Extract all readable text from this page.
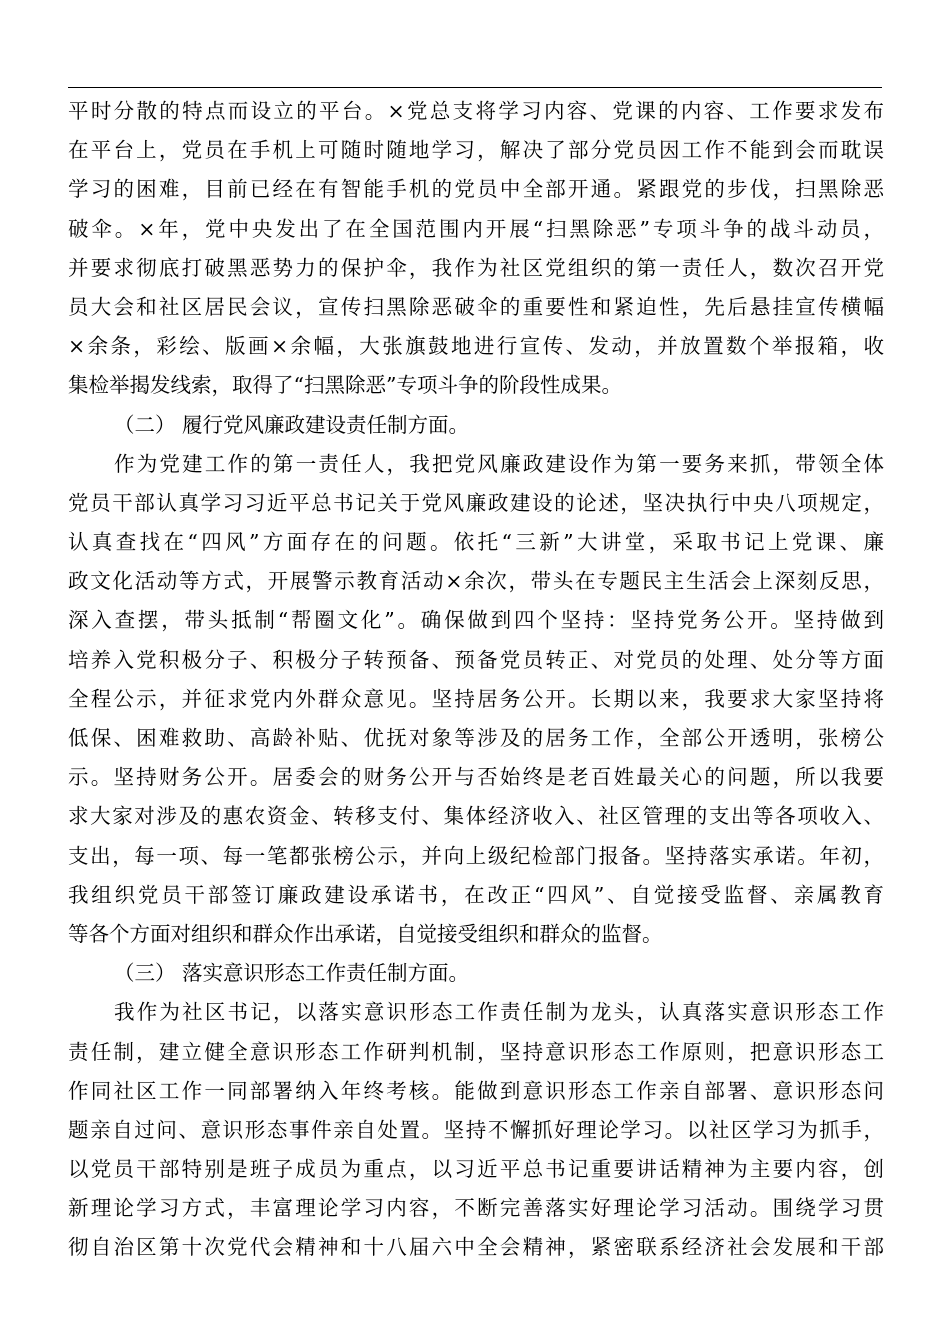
平时分散的特点而设立的平台。×党总支将学习内容、党课的内容、工作要求发布
在平台上，党员在手机上可随时随地学习，解决了部分党员因工作不能到会而耽误
学习的困难，目前已经在有智能手机的党员中全部开通。紧跟党的步伐，扫黑除恶
破伞。×年，党中央发出了在全国范围内开展“扫黑除恶”专项斗争的战斗动员，
并要求彻底打破黑恶势力的保护伞，我作为社区党组织的第一责任人，数次召开党
员大会和社区居民会议，宣传扫黑除恶破伞的重要性和紧迫性，先后悬挂宣传横幅
×余条，彩绘、版画×余幅，大张旗鼓地进行宣传、发动，并放置数个举报箱，收
集检举揭发线索，取得了“扫黑除恶”专项斗争的阶段性成果。
（二） 履行党风廉政建设责任制方面。
作为党建工作的第一责任人，我把党风廉政建设作为第一要务来抓，带领全体
党员干部认真学习习近平总书记关于党风廉政建设的论述，坚决执行中央八项规定，
认真查找在“四风”方面存在的问题。依托“三新”大讲堂，采取书记上党课、廉
政文化活动等方式，开展警示教育活动×余次，带头在专题民主生活会上深刻反思，
深入查摆，带头抵制“帮圈文化”。确保做到四个坚持：坚持党务公开。坚持做到
培养入党积极分子、积极分子转预备、预备党员转正、对党员的处理、处分等方面
全程公示，并征求党内外群众意见。坚持居务公开。长期以来，我要求大家坚持将
低保、困难救助、高龄补贴、优抚对象等涉及的居务工作，全部公开透明，张榜公
示。坚持财务公开。居委会的财务公开与否始终是老百姓最关心的问题，所以我要
求大家对涉及的惠农资金、转移支付、集体经济收入、社区管理的支出等各项收入、
支出，每一项、每一笔都张榜公示，并向上级纪检部门报备。坚持落实承诺。年初，
我组织党员干部签订廉政建设承诺书，在改正“四风”、自觉接受监督、亲属教育
等各个方面对组织和群众作出承诺，自觉接受组织和群众的监督。
（三） 落实意识形态工作责任制方面。
我作为社区书记，以落实意识形态工作责任制为龙头，认真落实意识形态工作
责任制，建立健全意识形态工作研判机制，坚持意识形态工作原则，把意识形态工
作同社区工作一同部署纳入年终考核。能做到意识形态工作亲自部署、意识形态问
题亲自过问、意识形态事件亲自处置。坚持不懈抓好理论学习。以社区学习为抓手，
以党员干部特别是班子成员为重点，以习近平总书记重要讲话精神为主要内容，创
新理论学习方式，丰富理论学习内容，不断完善落实好理论学习活动。围绕学习贯
彻自治区第十次党代会精神和十八届六中全会精神，紧密联系经济社会发展和干部
